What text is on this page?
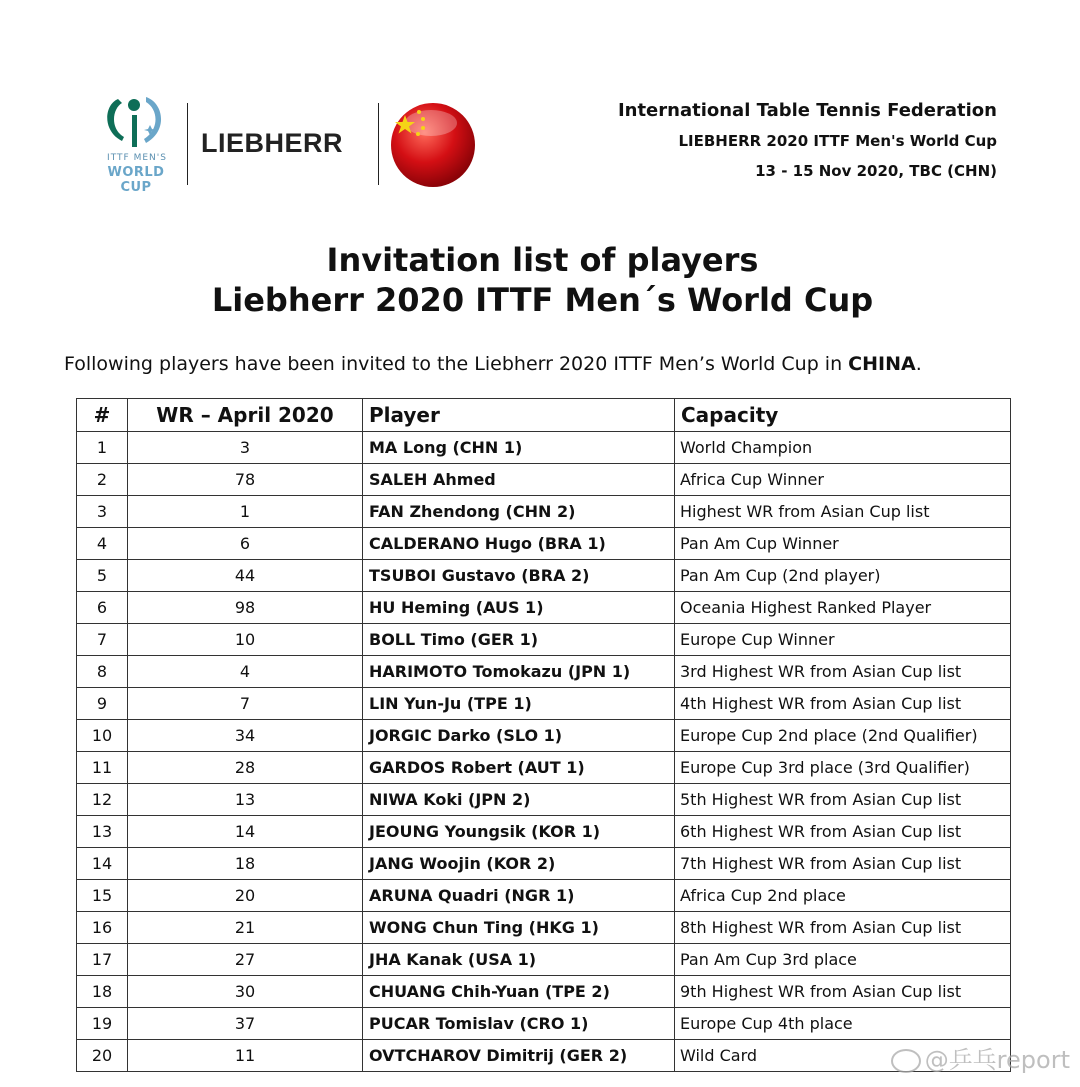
ITTF MEN'S
WORLD CUP
LIEBHERR
International Table Tennis Federation
LIEBHERR 2020 ITTF Men's World Cup
13 - 15 Nov 2020, TBC (CHN)
Invitation list of players
Liebherr 2020 ITTF Men´s World Cup
Following players have been invited to the Liebherr 2020 ITTF Men’s World Cup in CHINA.
#	WR – April 2020	Player	Capacity
1	3	MA Long (CHN 1)	World Champion
2	78	SALEH Ahmed	Africa Cup Winner
3	1	FAN Zhendong (CHN 2)	Highest WR from Asian Cup list
4	6	CALDERANO Hugo (BRA 1)	Pan Am Cup Winner
5	44	TSUBOI Gustavo (BRA 2)	Pan Am Cup (2nd player)
6	98	HU Heming (AUS 1)	Oceania Highest Ranked Player
7	10	BOLL Timo (GER 1)	Europe Cup Winner
8	4	HARIMOTO Tomokazu (JPN 1)	3rd Highest WR from Asian Cup list
9	7	LIN Yun-Ju (TPE 1)	4th Highest WR from Asian Cup list
10	34	JORGIC Darko (SLO 1)	Europe Cup 2nd place (2nd Qualifier)
11	28	GARDOS Robert (AUT 1)	Europe Cup 3rd place (3rd Qualifier)
12	13	NIWA Koki (JPN 2)	5th Highest WR from Asian Cup list
13	14	JEOUNG Youngsik (KOR 1)	6th Highest WR from Asian Cup list
14	18	JANG Woojin (KOR 2)	7th Highest WR from Asian Cup list
15	20	ARUNA Quadri (NGR 1)	Africa Cup 2nd place
16	21	WONG Chun Ting (HKG 1)	8th Highest WR from Asian Cup list
17	27	JHA Kanak (USA 1)	Pan Am Cup 3rd place
18	30	CHUANG Chih-Yuan (TPE 2)	9th Highest WR from Asian Cup list
19	37	PUCAR Tomislav (CRO 1)	Europe Cup 4th place
20	11	OVTCHAROV Dimitrij (GER 2)	Wild Card	@乒乓report
